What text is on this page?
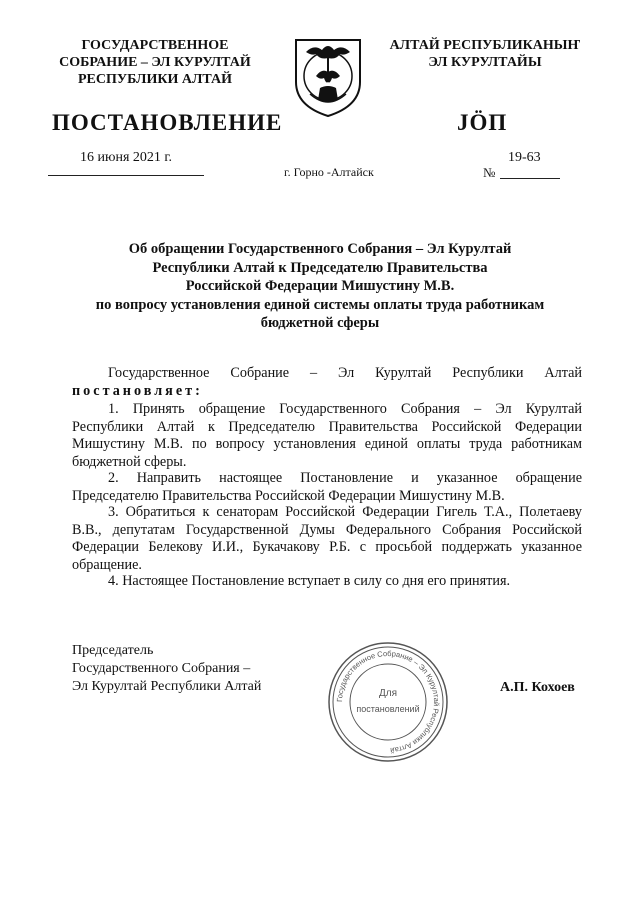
ГОСУДАРСТВЕННОЕ
СОБРАНИЕ – ЭЛ КУРУЛТАЙ
РЕСПУБЛИКИ АЛТАЙ
АЛТАЙ РЕСПУБЛИКАНЫҤ
ЭЛ КУРУЛТАЙЫ
ПОСТАНОВЛЕНИЕ	JÖП
16 июня 2021 г.
г. Горно -Алтайск
19-63
№
Об обращении Государственного Собрания – Эл Курултай
Республики Алтай к Председателю Правительства
Российской Федерации Мишустину М.В.
по вопросу установления единой системы оплаты труда работникам
бюджетной сферы
Государственное Собрание – Эл Курултай Республики Алтай
постановляет:
1. Принять обращение Государственного Собрания – Эл Курултай Республики Алтай к Председателю Правительства Российской Федерации Мишустину М.В. по вопросу установления единой оплаты труда работникам бюджетной сферы.
2. Направить настоящее Постановление и указанное обращение Председателю Правительства Российской Федерации Мишустину М.В.
3. Обратиться к сенаторам Российской Федерации Гигель Т.А., Полетаеву В.В., депутатам Государственной Думы Федерального Собрания Российской Федерации Белекову И.И., Букачакову Р.Б. с просьбой поддержать указанное обращение.
4. Настоящее Постановление вступает в силу со дня его принятия.
Председатель
Государственного Собрания –
Эл Курултай Республики Алтай
Государственное Собрание – Эл Курултай Республики Алтай
Для
постановлений
А.П. Кохоев
